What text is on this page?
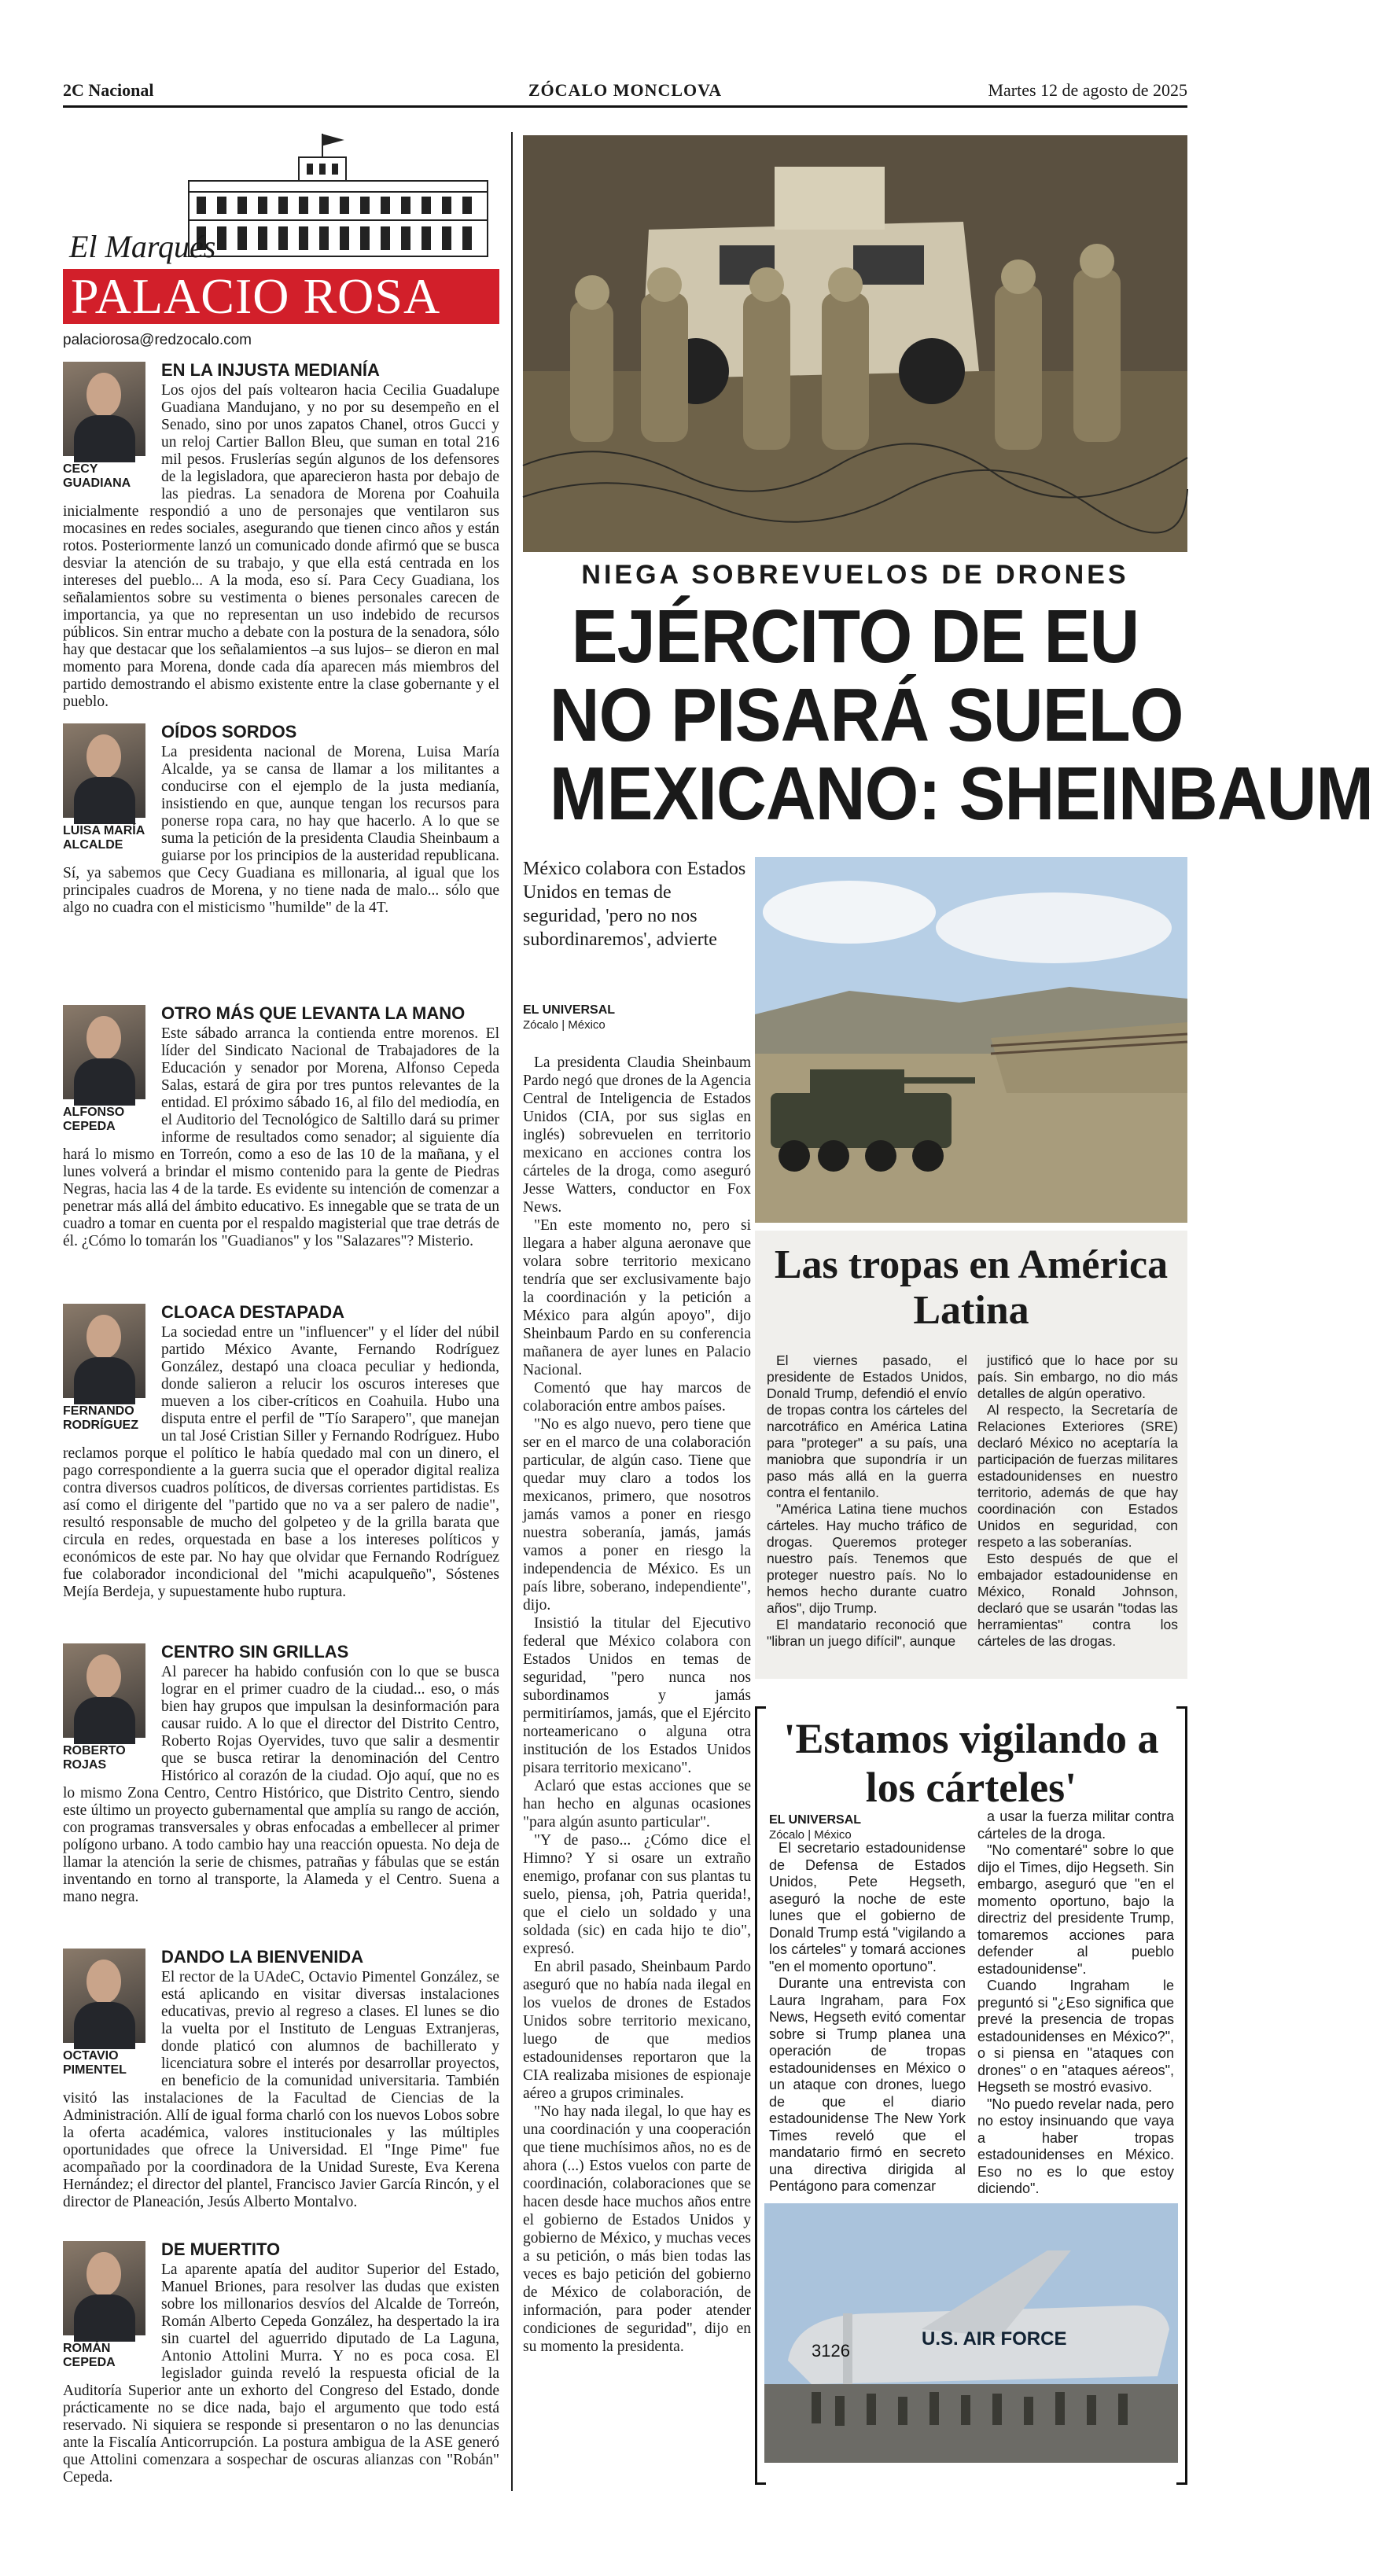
2C Nacional	ZÓCALO MONCLOVA	Martes 12 de agosto de 2025
El Marqués
PALACIO ROSA
palaciorosa@redzocalo.com
CECY GUADIANA
EN LA INJUSTA MEDIANÍA
Los ojos del país voltearon hacia Cecilia Guadalupe Guadiana Mandujano, y no por su desempeño en el Senado, sino por unos zapatos Chanel, otros Gucci y un reloj Cartier Ballon Bleu, que suman en total 216 mil pesos. Fruslerías según algunos de los defensores de la legisladora, que aparecieron hasta por debajo de las piedras. La senadora de Morena por Coahuila inicialmente respondió a uno de personajes que ventilaron sus mocasines en redes sociales, asegurando que tienen cinco años y están rotos. Posteriormente lanzó un comunicado donde afirmó que se busca desviar la atención de su trabajo, y que ella está centrada en los intereses del pueblo... A la moda, eso sí. Para Cecy Guadiana, los señalamientos sobre su vestimenta o bienes personales carecen de importancia, ya que no representan un uso indebido de recursos públicos. Sin entrar mucho a debate con la postura de la senadora, sólo hay que destacar que los señalamientos –a sus lujos– se dieron en mal momento para Morena, donde cada día aparecen más miembros del partido demostrando el abismo existente entre la clase gobernante y el pueblo.
LUISA MARÍA ALCALDE
OÍDOS SORDOS
La presidenta nacional de Morena, Luisa María Alcalde, ya se cansa de llamar a los militantes a conducirse con el ejemplo de la justa medianía, insistiendo en que, aunque tengan los recursos para ponerse ropa cara, no hay que hacerlo. A lo que se suma la petición de la presidenta Claudia Sheinbaum a guiarse por los principios de la austeridad republicana. Sí, ya sabemos que Cecy Guadiana es millonaria, al igual que los principales cuadros de Morena, y no tiene nada de malo... sólo que algo no cuadra con el misticismo "humilde" de la 4T.
ALFONSO CEPEDA
OTRO MÁS QUE LEVANTA LA MANO
Este sábado arranca la contienda entre morenos. El líder del Sindicato Nacional de Trabajadores de la Educación y senador por Morena, Alfonso Cepeda Salas, estará de gira por tres puntos relevantes de la entidad. El próximo sábado 16, al filo del mediodía, en el Auditorio del Tecnológico de Saltillo dará su primer informe de resultados como senador; al siguiente día hará lo mismo en Torreón, como a eso de las 10 de la mañana, y el lunes volverá a brindar el mismo contenido para la gente de Piedras Negras, hacia las 4 de la tarde. Es evidente su intención de comenzar a penetrar más allá del ámbito educativo. Es innegable que se trata de un cuadro a tomar en cuenta por el respaldo magisterial que trae detrás de él. ¿Cómo lo tomarán los "Guadianos" y los "Salazares"? Misterio.
FERNANDO RODRÍGUEZ
CLOACA DESTAPADA
La sociedad entre un "influencer" y el líder del núbil partido México Avante, Fernando Rodríguez González, destapó una cloaca peculiar y hedionda, donde salieron a relucir los oscuros intereses que mueven a los ciber-críticos en Coahuila. Hubo una disputa entre el perfil de "Tío Sarapero", que manejan un tal José Cristian Siller y Fernando Rodríguez. Hubo reclamos porque el político le había quedado mal con un dinero, el pago correspondiente a la guerra sucia que el operador digital realiza contra diversos cuadros políticos, de diversas corrientes partidistas. Es así como el dirigente del "partido que no va a ser palero de nadie", resultó responsable de mucho del golpeteo y de la grilla barata que circula en redes, orquestada en base a los intereses políticos y económicos de este par. No hay que olvidar que Fernando Rodríguez fue colaborador incondicional del "michi acapulqueño", Sóstenes Mejía Berdeja, y supuestamente hubo ruptura.
ROBERTO ROJAS
CENTRO SIN GRILLAS
Al parecer ha habido confusión con lo que se busca lograr en el primer cuadro de la ciudad... eso, o más bien hay grupos que impulsan la desinformación para causar ruido. A lo que el director del Distrito Centro, Roberto Rojas Oyervides, tuvo que salir a desmentir que se busca retirar la denominación del Centro Histórico al corazón de la ciudad. Ojo aquí, que no es lo mismo Zona Centro, Centro Histórico, que Distrito Centro, siendo este último un proyecto gubernamental que amplía su rango de acción, con programas transversales y obras enfocadas a embellecer al primer polígono urbano. A todo cambio hay una reacción opuesta. No deja de llamar la atención la serie de chismes, patrañas y fábulas que se están inventando en torno al transporte, la Alameda y el Centro. Suena a mano negra.
OCTAVIO PIMENTEL
DANDO LA BIENVENIDA
El rector de la UAdeC, Octavio Pimentel González, se está aplicando en visitar diversas instalaciones educativas, previo al regreso a clases. El lunes se dio la vuelta por el Instituto de Lenguas Extranjeras, donde platicó con alumnos de bachillerato y licenciatura sobre el interés por desarrollar proyectos, en beneficio de la comunidad universitaria. También visitó las instalaciones de la Facultad de Ciencias de la Administración. Allí de igual forma charló con los nuevos Lobos sobre la oferta académica, valores institucionales y las múltiples oportunidades que ofrece la Universidad. El "Inge Pime" fue acompañado por la coordinadora de la Unidad Sureste, Eva Kerena Hernández; el director del plantel, Francisco Javier García Rincón, y el director de Planeación, Jesús Alberto Montalvo.
ROMÁN CEPEDA
DE MUERTITO
La aparente apatía del auditor Superior del Estado, Manuel Briones, para resolver las dudas que existen sobre los millonarios desvíos del Alcalde de Torreón, Román Alberto Cepeda González, ha despertado la ira sin cuartel del aguerrido diputado de La Laguna, Antonio Attolini Murra. Y no es poca cosa. El legislador guinda reveló la respuesta oficial de la Auditoría Superior ante un exhorto del Congreso del Estado, donde prácticamente no se dice nada, bajo el argumento que todo está reservado. Ni siquiera se responde si presentaron o no las denuncias ante la Fiscalía Anticorrupción. La postura ambigua de la ASE generó que Attolini comenzara a sospechar de oscuras alianzas con "Robán" Cepeda.
NIEGA SOBREVUELOS DE DRONES
EJÉRCITO DE EU
NO PISARÁ SUELO
MEXICANO: SHEINBAUM
México colabora con Estados Unidos en temas de seguridad, 'pero no nos subordinaremos', advierte
EL UNIVERSAL
Zócalo | México

La presidenta Claudia Sheinbaum Pardo negó que drones de la Agencia Central de Inteligencia de Estados Unidos (CIA, por sus siglas en inglés) sobrevuelen en territorio mexicano en acciones contra los cárteles de la droga, como aseguró Jesse Watters, conductor en Fox News.

"En este momento no, pero si llegara a haber alguna aeronave que volara sobre territorio mexicano tendría que ser exclusivamente bajo la coordinación y la petición a México para algún apoyo", dijo Sheinbaum Pardo en su conferencia mañanera de ayer lunes en Palacio Nacional.

Comentó que hay marcos de colaboración entre ambos países.

"No es algo nuevo, pero tiene que ser en el marco de una colaboración particular, de algún caso. Tiene que quedar muy claro a todos los mexicanos, primero, que nosotros jamás vamos a poner en riesgo nuestra soberanía, jamás, jamás vamos a poner en riesgo la independencia de México. Es un país libre, soberano, independiente", dijo.

Insistió la titular del Ejecutivo federal que México colabora con Estados Unidos en temas de seguridad, "pero nunca nos subordinamos y jamás permitiríamos, jamás, que el Ejército norteamericano o alguna otra institución de los Estados Unidos pisara territorio mexicano".

Aclaró que estas acciones que se han hecho en algunas ocasiones "para algún asunto particular".

"Y de paso... ¿Cómo dice el Himno? Y si osare un extraño enemigo, profanar con sus plantas tu suelo, piensa, ¡oh, Patria querida!, que el cielo un soldado y una soldada (sic) en cada hijo te dio", expresó.

En abril pasado, Sheinbaum Pardo aseguró que no había nada ilegal en los vuelos de drones de Estados Unidos sobre territorio mexicano, luego de que medios estadounidenses reportaron que la CIA realizaba misiones de espionaje aéreo a grupos criminales.

"No hay nada ilegal, lo que hay es una coordinación y una cooperación que tiene muchísimos años, no es de ahora (...) Estos vuelos con parte de coordinación, colaboraciones que se hacen desde hace muchos años entre el gobierno de Estados Unidos y gobierno de México, y muchas veces a su petición, o más bien todas las veces es bajo petición del gobierno de México de colaboración, de información, para poder atender condiciones de seguridad", dijo en su momento la presidenta.

Las tropas en América Latina

El viernes pasado, el presidente de Estados Unidos, Donald Trump, defendió el envío de tropas contra los cárteles del narcotráfico en América Latina para "proteger" a su país, una maniobra que supondría ir un paso más allá en la guerra contra el fentanilo.

"América Latina tiene muchos cárteles. Hay mucho tráfico de drogas. Queremos proteger nuestro país. Tenemos que proteger nuestro país. No lo hemos hecho durante cuatro años", dijo Trump.

El mandatario reconoció que "libran un juego difícil", aunque

justificó que lo hace por su país. Sin embargo, no dio más detalles de algún operativo.

Al respecto, la Secretaría de Relaciones Exteriores (SRE) declaró México no aceptaría la participación de fuerzas militares estadounidenses en nuestro territorio, además de que hay coordinación con Estados Unidos en seguridad, con respeto a las soberanías.

Esto después de que el embajador estadounidense en México, Ronald Johnson, declaró que se usarán "todas las herramientas" contra los cárteles de las drogas.

'Estamos vigilando a los cárteles'
EL UNIVERSAL
Zócalo | México

El secretario estadounidense de Defensa de Estados Unidos, Pete Hegseth, aseguró la noche de este lunes que el gobierno de Donald Trump está "vigilando a los cárteles" y tomará acciones "en el momento oportuno".

Durante una entrevista con Laura Ingraham, para Fox News, Hegseth evitó comentar sobre si Trump planea una operación de tropas estadounidenses en México o un ataque con drones, luego de que el diario estadounidense The New York Times reveló que el mandatario firmó en secreto una directiva dirigida al Pentágono para comenzar

a usar la fuerza militar contra cárteles de la droga.

"No comentaré" sobre lo que dijo el Times, dijo Hegseth. Sin embargo, aseguró que "en el momento oportuno, bajo la directriz del presidente Trump, tomaremos acciones para defender al pueblo estadounidense".

Cuando Ingraham le preguntó si "¿Eso significa que prevé la presencia de tropas estadounidenses en México?", o si piensa en "ataques con drones" o en "ataques aéreos", Hegseth se mostró evasivo.

"No puedo revelar nada, pero no estoy insinuando que vaya a haber tropas estadounidenses en México. Eso no es lo que estoy diciendo".

3126
U.S. AIR FORCE
